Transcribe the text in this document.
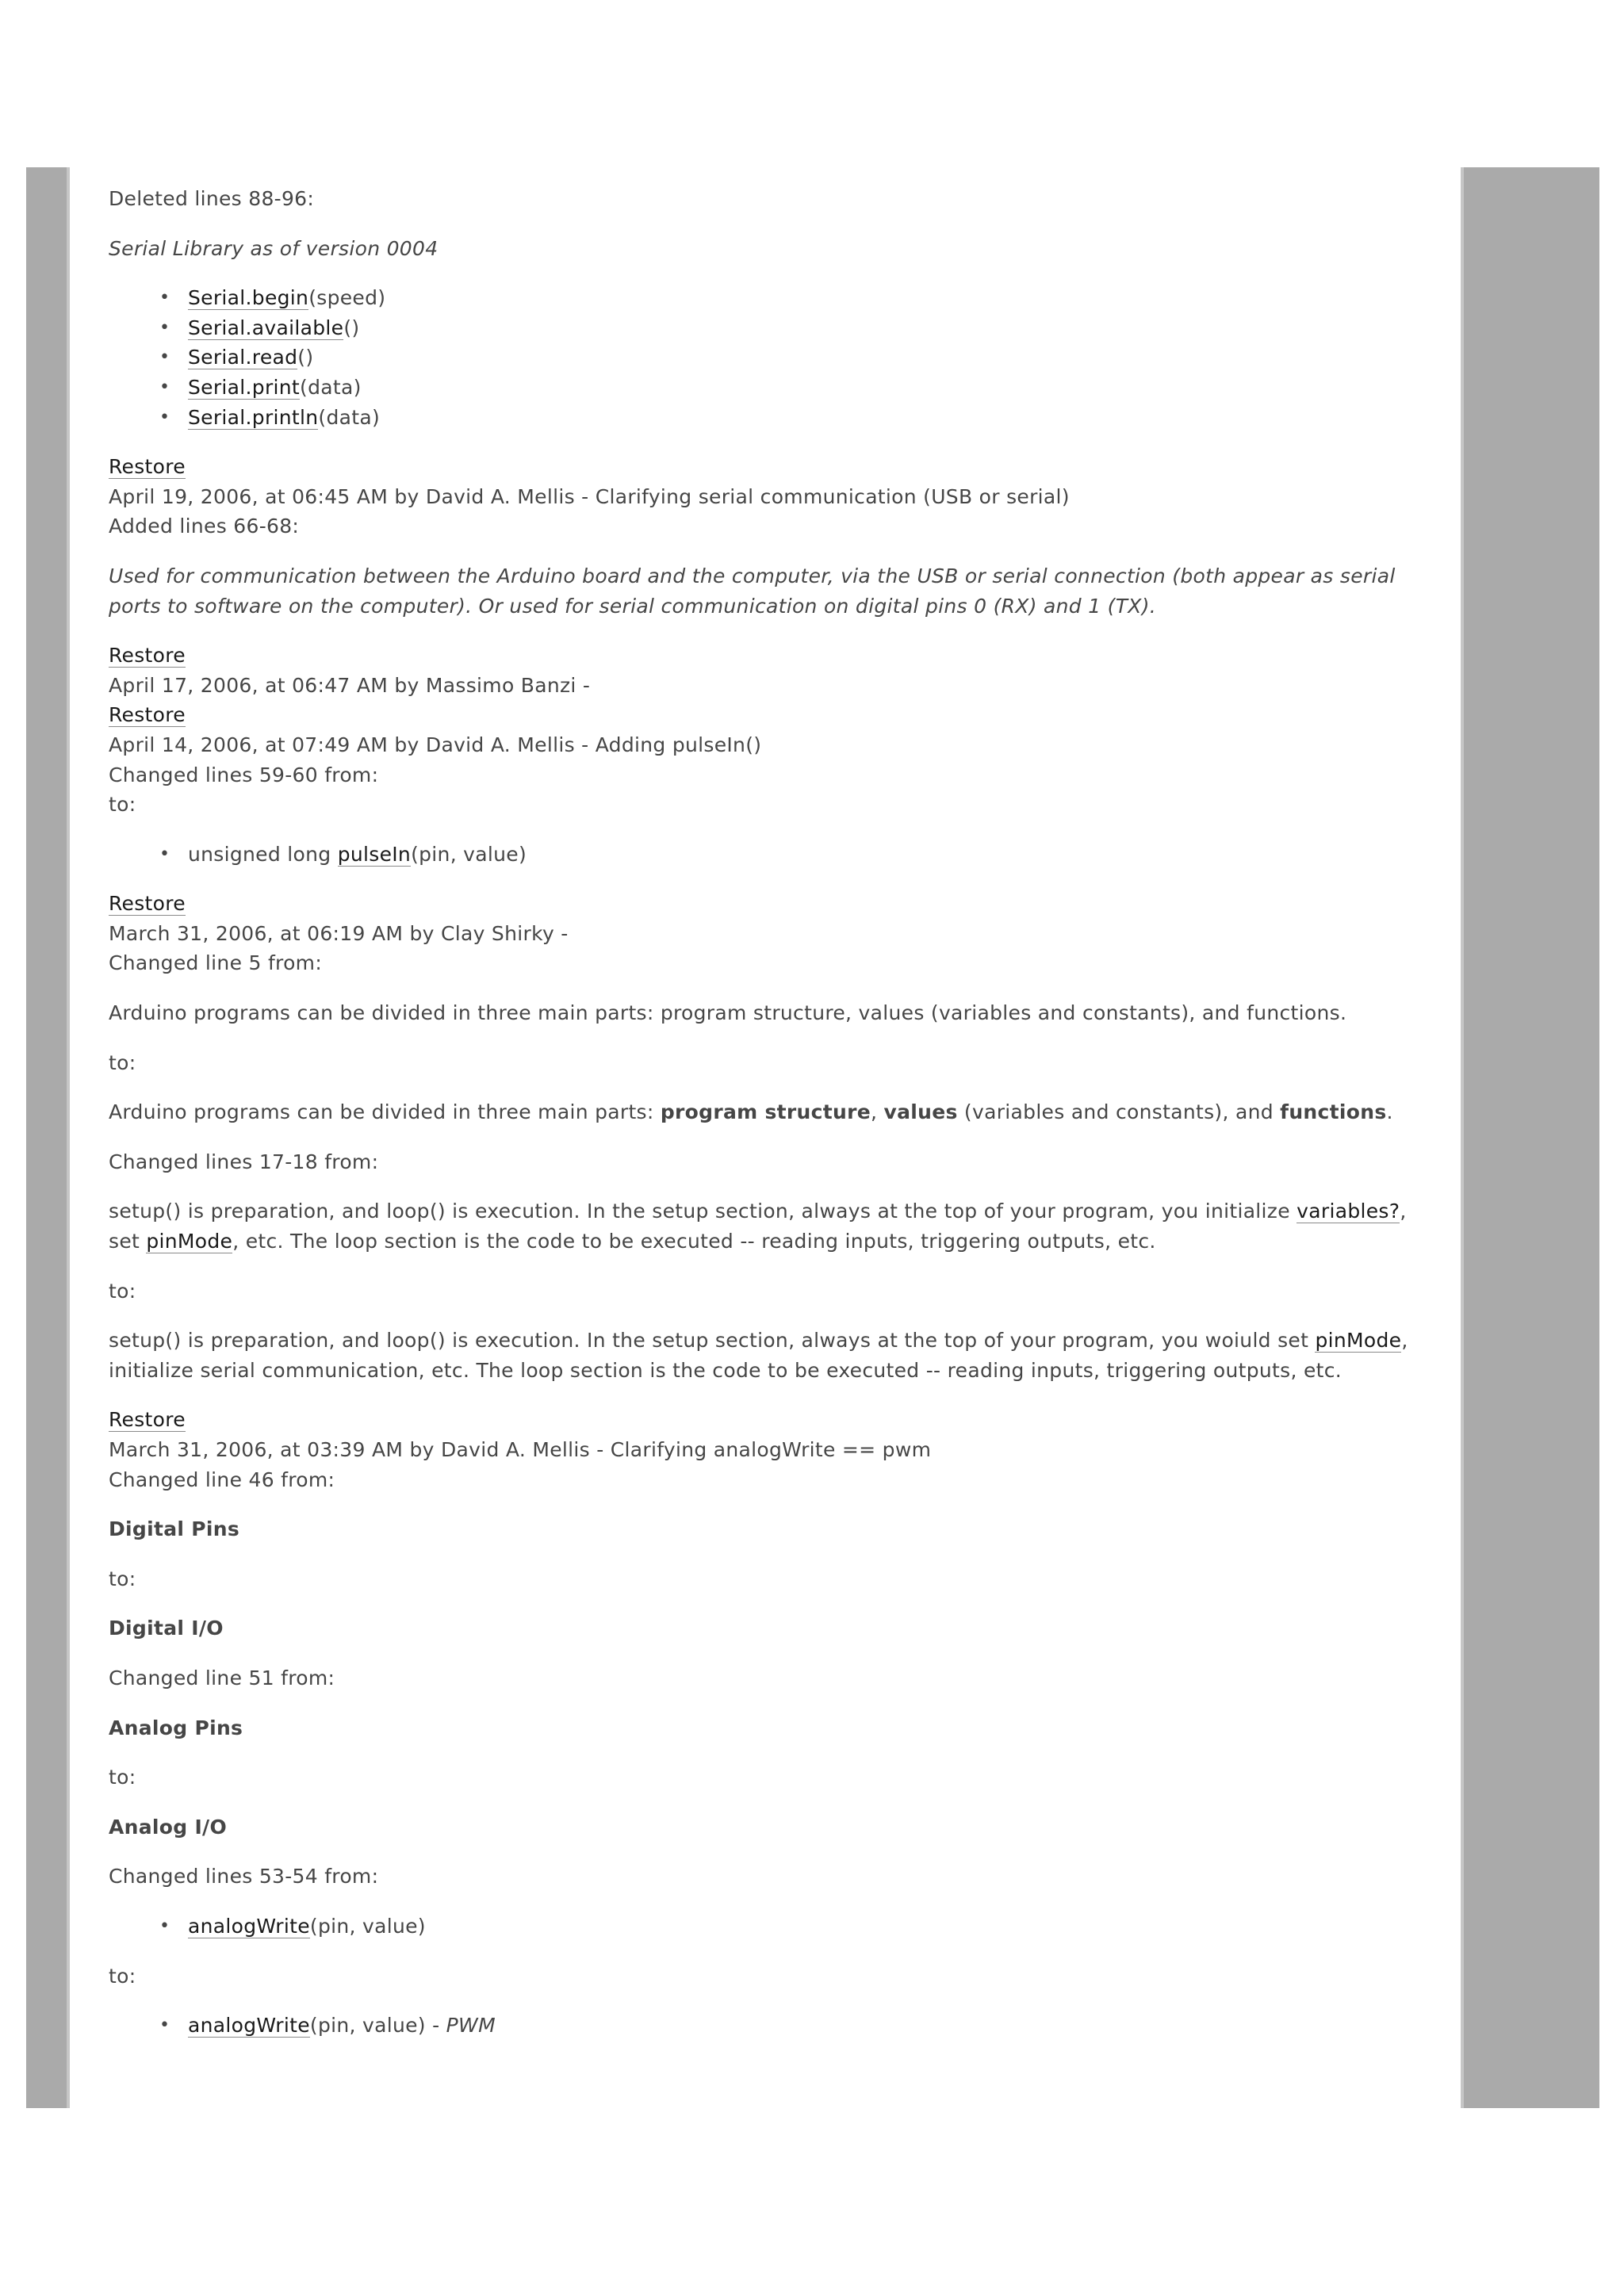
Deleted lines 88-96:

Serial Library as of version 0004

• Serial.begin(speed)
• Serial.available()
• Serial.read()
• Serial.print(data)
• Serial.println(data)

Restore

April 19, 2006, at 06:45 AM by David A. Mellis - Clarifying serial communication (USB or serial)

Added lines 66-68:

Used for communication between the Arduino board and the computer, via the USB or serial connection (both appear as serial ports to software on the computer). Or used for serial communication on digital pins 0 (RX) and 1 (TX).

Restore

April 17, 2006, at 06:47 AM by Massimo Banzi -

Restore

April 14, 2006, at 07:49 AM by David A. Mellis - Adding pulseIn()

Changed lines 59-60 from:

to:

• unsigned long pulseIn(pin, value)

Restore

March 31, 2006, at 06:19 AM by Clay Shirky -

Changed line 5 from:

Arduino programs can be divided in three main parts: program structure, values (variables and constants), and functions.

to:

Arduino programs can be divided in three main parts: program structure, values (variables and constants), and functions.

Changed lines 17-18 from:

setup() is preparation, and loop() is execution. In the setup section, always at the top of your program, you initialize variables?, set pinMode, etc. The loop section is the code to be executed -- reading inputs, triggering outputs, etc.

to:

setup() is preparation, and loop() is execution. In the setup section, always at the top of your program, you woiuld set pinMode, initialize serial communication, etc. The loop section is the code to be executed -- reading inputs, triggering outputs, etc.

Restore

March 31, 2006, at 03:39 AM by David A. Mellis - Clarifying analogWrite == pwm

Changed line 46 from:

Digital Pins

to:

Digital I/O

Changed line 51 from:

Analog Pins

to:

Analog I/O

Changed lines 53-54 from:

• analogWrite(pin, value)

to:

• analogWrite(pin, value) - PWM
